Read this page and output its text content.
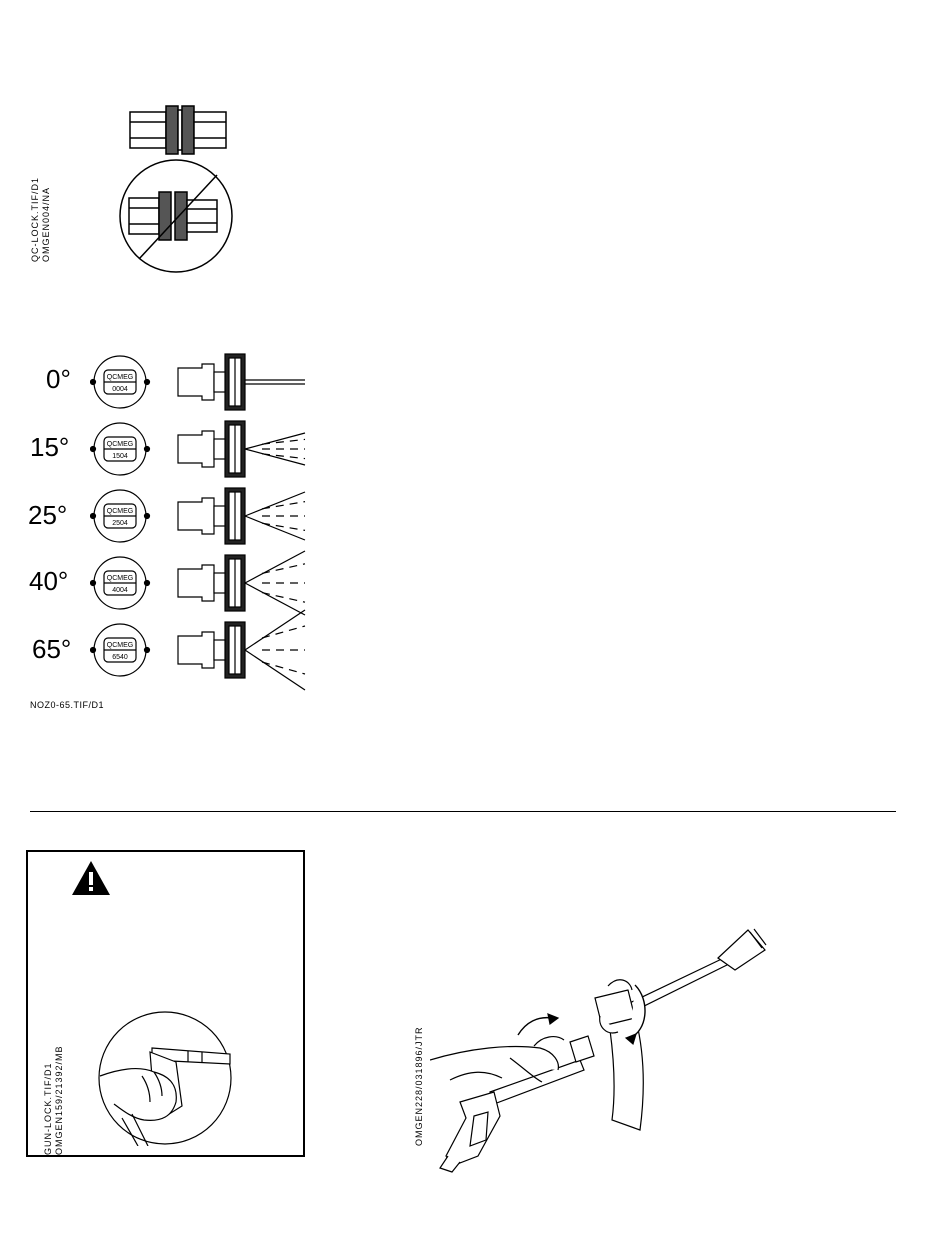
QC-LOCK.TIF/D1 OMGEN004/NA
0°
15°
25°
40°
65°
QCMEG
0004
QCMEG
1504
QCMEG
2504
QCMEG
4004
QCMEG
6540
NOZ0-65.TIF/D1
GUN-LOCK.TIF/D1 OMGEN159/21392/MB	OMGEN228/031896/JTR
